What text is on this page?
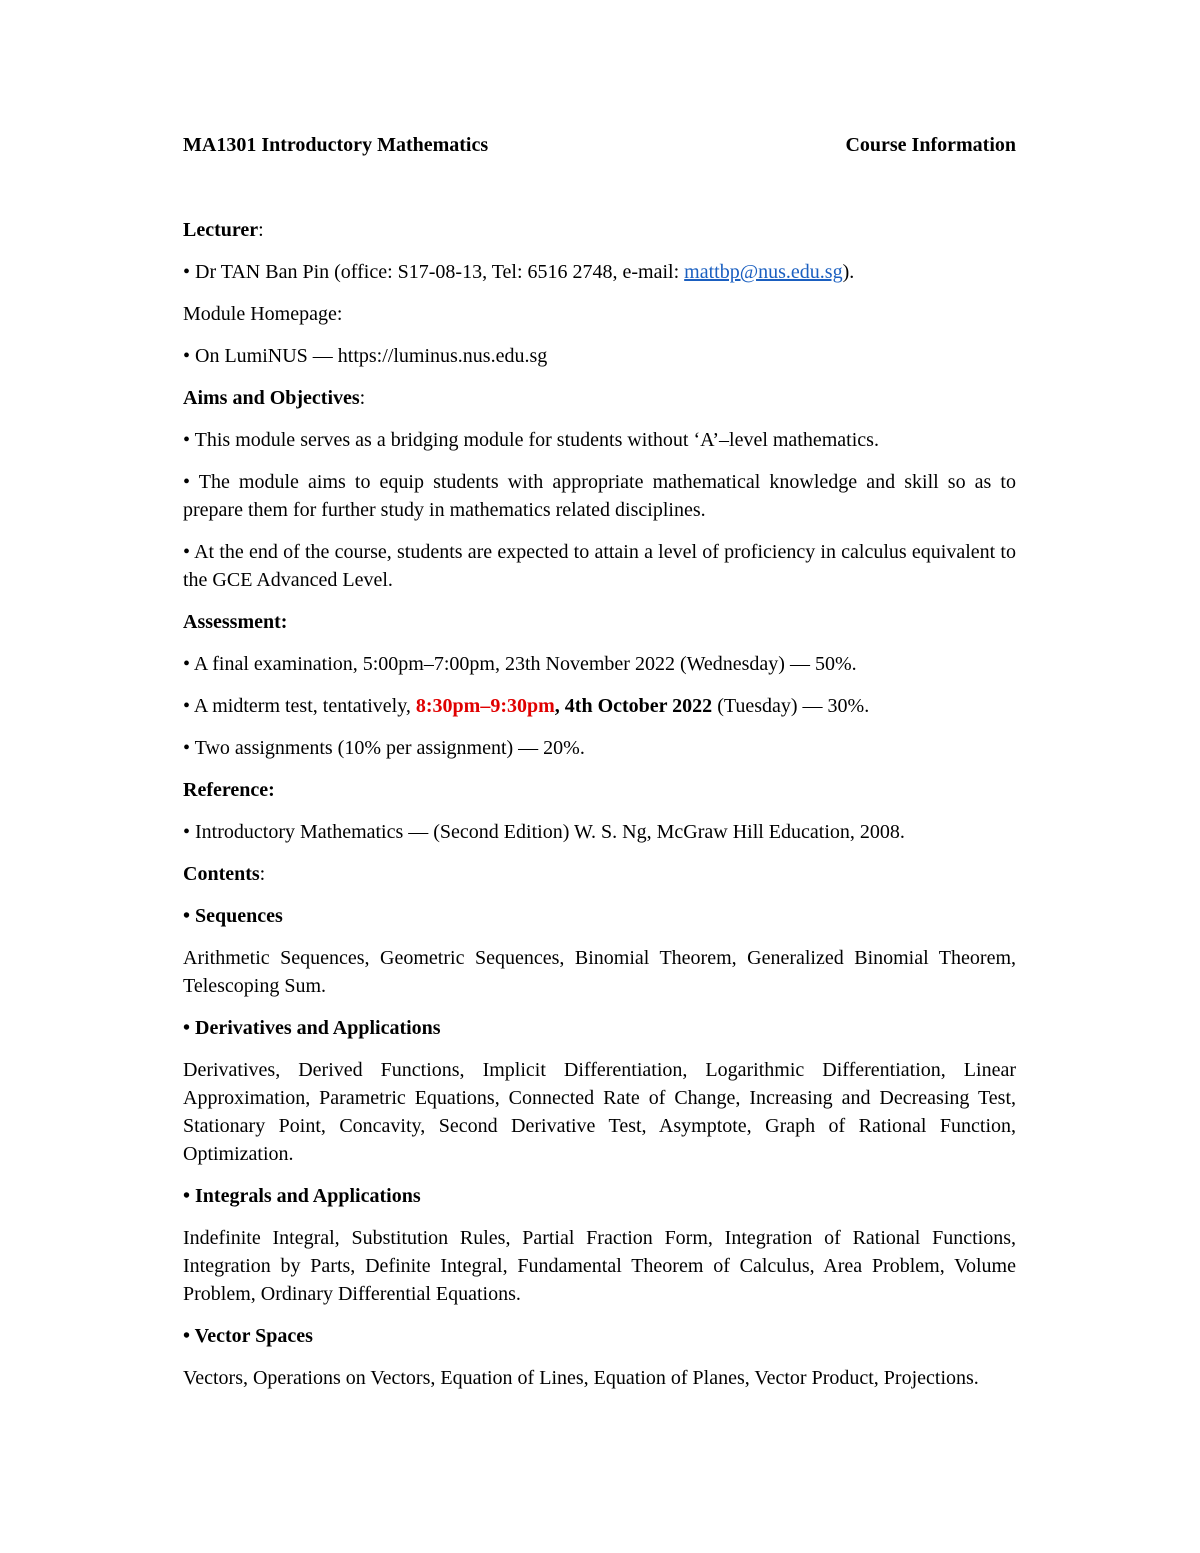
MA1301 Introductory Mathematics	Course Information

Lecturer:

• Dr TAN Ban Pin (office: S17-08-13, Tel: 6516 2748, e-mail: mattbp@nus.edu.sg).

Module Homepage:

• On LumiNUS — https://luminus.nus.edu.sg

Aims and Objectives:

• This module serves as a bridging module for students without ‘A’–level mathematics.

• The module aims to equip students with appropriate mathematical knowledge and skill so as to prepare them for further study in mathematics related disciplines.

• At the end of the course, students are expected to attain a level of proficiency in calculus equivalent to the GCE Advanced Level.

Assessment:

• A final examination, 5:00pm–7:00pm, 23th November 2022 (Wednesday) — 50%.

• A midterm test, tentatively, 8:30pm–9:30pm, 4th October 2022 (Tuesday) — 30%.

• Two assignments (10% per assignment) — 20%.

Reference:

• Introductory Mathematics — (Second Edition) W. S. Ng, McGraw Hill Education, 2008.

Contents:

• Sequences

Arithmetic Sequences, Geometric Sequences, Binomial Theorem, Generalized Binomial Theorem, Telescoping Sum.

• Derivatives and Applications

Derivatives, Derived Functions, Implicit Differentiation, Logarithmic Differentiation, Linear Approximation, Parametric Equations, Connected Rate of Change, Increasing and Decreasing Test, Stationary Point, Concavity, Second Derivative Test, Asymptote, Graph of Rational Function, Optimization.

• Integrals and Applications

Indefinite Integral, Substitution Rules, Partial Fraction Form, Integration of Rational Functions, Integration by Parts, Definite Integral, Fundamental Theorem of Calculus, Area Problem, Volume Problem, Ordinary Differential Equations.

• Vector Spaces

Vectors, Operations on Vectors, Equation of Lines, Equation of Planes, Vector Product, Projections.
